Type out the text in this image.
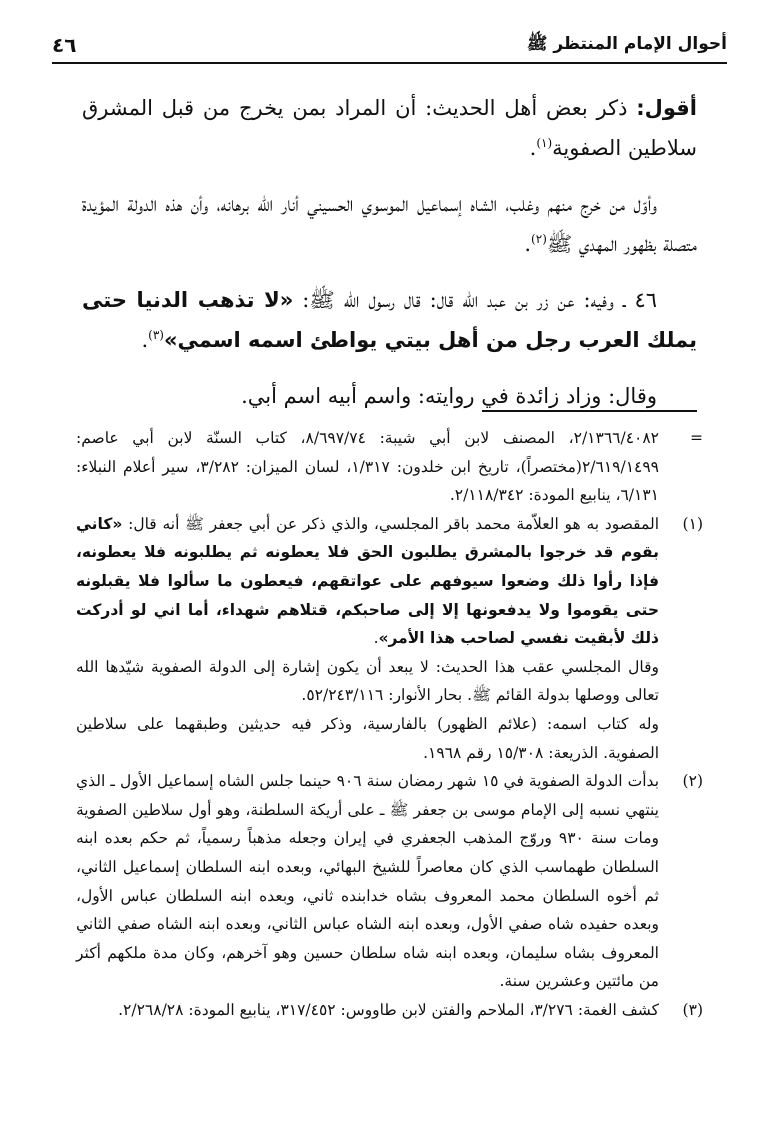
أحوال الإمام المنتظر ﷺ
٤٦

أقول: ذكر بعض أهل الحديث: أن المراد بمن يخرج من قبل المشرق سلاطين الصفوية$^{(١)}$.

وأوّل من خرج منهم وغلب، الشاه إسماعيل الموسوي الحسيني أنار الله برهانه، وأن هذه الدولة المؤيدة متصلة بظهور المهدي ﷺ$^{(٢)}$.

٤٦ ـ وفيه: عن زر بن عبد الله قال: قال رسول الله ﷺ: «لا تذهب الدنيا حتى يملك العرب رجل من أهل بيتي يواطئ اسمه اسمي»$^{(٣)}$.

وقال: وزاد زائدة في روايته: واسم أبيه اسم أبي.

=

٢/١٣٦٦/٤٠٨٢، المصنف لابن أبي شيبة: ٨/٦٩٧/٧٤، كتاب السنّة لابن أبي عاصم: ٢/٦١٩/١٤٩٩(مختصراً)، تاريخ ابن خلدون: ١/٣١٧، لسان الميزان: ٣/٢٨٢، سير أعلام النبلاء: ٦/١٣١، ينابيع المودة: ٢/١١٨/٣٤٢.

(١)

المقصود به هو العلاّمة محمد باقر المجلسي، والذي ذكر عن أبي جعفر ﷺ أنه قال: «كاني بقوم قد خرجوا بالمشرق يطلبون الحق فلا يعطونه ثم يطلبونه فلا يعطونه، فإذا رأوا ذلك وضعوا سيوفهم على عواتقهم، فيعطون ما سألوا فلا يقبلونه حتى يقوموا ولا يدفعونها إلا إلى صاحبكم، قتلاهم شهداء، أما اني لو أدركت ذلك لأبقيت نفسي لصاحب هذا الأمر».

وقال المجلسي عقب هذا الحديث: لا يبعد أن يكون إشارة إلى الدولة الصفوية شيّدها الله تعالى ووصلها بدولة القائم ﷺ. بحار الأنوار: ٥٢/٢٤٣/١١٦.

وله كتاب اسمه: (علائم الظهور) بالفارسية، وذكر فيه حديثين وطبقهما على سلاطين الصفوية. الذريعة: ١٥/٣٠٨ رقم ١٩٦٨.

(٢)

بدأت الدولة الصفوية في ١٥ شهر رمضان سنة ٩٠٦ حينما جلس الشاه إسماعيل الأول ـ الذي ينتهي نسبه إلى الإمام موسى بن جعفر ﷺ ـ على أريكة السلطنة، وهو أول سلاطين الصفوية ومات سنة ٩٣٠ وروّج المذهب الجعفري في إيران وجعله مذهباً رسمياً، ثم حكم بعده ابنه السلطان طهماسب الذي كان معاصراً للشيخ البهائي، وبعده ابنه السلطان إسماعيل الثاني، ثم أخوه السلطان محمد المعروف بشاه خدابنده ثاني، وبعده ابنه السلطان عباس الأول، وبعده حفيده شاه صفي الأول، وبعده ابنه الشاه عباس الثاني، وبعده ابنه الشاه صفي الثاني المعروف بشاه سليمان، وبعده ابنه شاه سلطان حسين وهو آخرهم، وكان مدة ملكهم أكثر من مائتين وعشرين سنة.

(٣)

كشف الغمة: ٣/٢٧٦، الملاحم والفتن لابن طاووس: ٣١٧/٤٥٢، ينابيع المودة: ٢/٢٦٨/٢٨.
